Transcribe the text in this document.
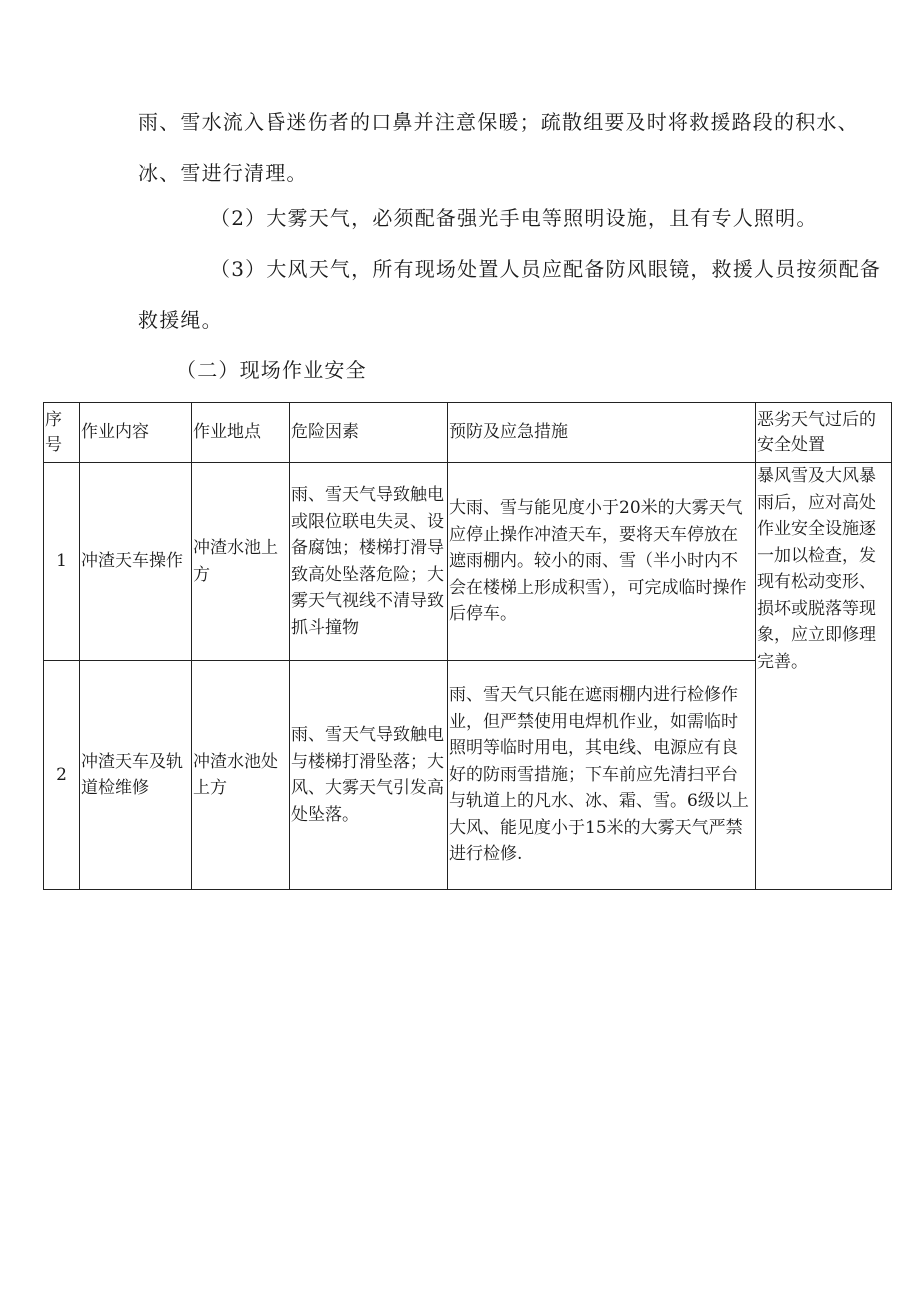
雨、雪水流入昏迷伤者的口鼻并注意保暖；疏散组要及时将救援路段的积水、冰、雪进行清理。

（2）大雾天气，必须配备强光手电等照明设施，且有专人照明。

（3）大风天气，所有现场处置人员应配备防风眼镜，救援人员按须配备救援绳。

（二）现场作业安全

序号	作业内容	作业地点	危险因素	预防及应急措施	恶劣天气过后的安全处置
1	冲渣天车操作	冲渣水池上方	雨、雪天气导致触电或限位联电失灵、设备腐蚀；楼梯打滑导致高处坠落危险；大雾天气视线不清导致抓斗撞物	大雨、雪与能见度小于20米的大雾天气应停止操作冲渣天车，要将天车停放在遮雨棚内。较小的雨、雪（半小时内不会在楼梯上形成积雪），可完成临时操作后停车。	暴风雪及大风暴雨后，应对高处作业安全设施逐一加以检查，发现有松动变形、损坏或脱落等现象，应立即修理完善。
2	冲渣天车及轨道检维修	冲渣水池处上方	雨、雪天气导致触电与楼梯打滑坠落；大风、大雾天气引发高处坠落。	雨、雪天气只能在遮雨棚内进行检修作业，但严禁使用电焊机作业，如需临时照明等临时用电，其电线、电源应有良好的防雨雪措施；下车前应先清扫平台与轨道上的凡水、冰、霜、雪。6级以上大风、能见度小于15米的大雾天气严禁进行检修.	
